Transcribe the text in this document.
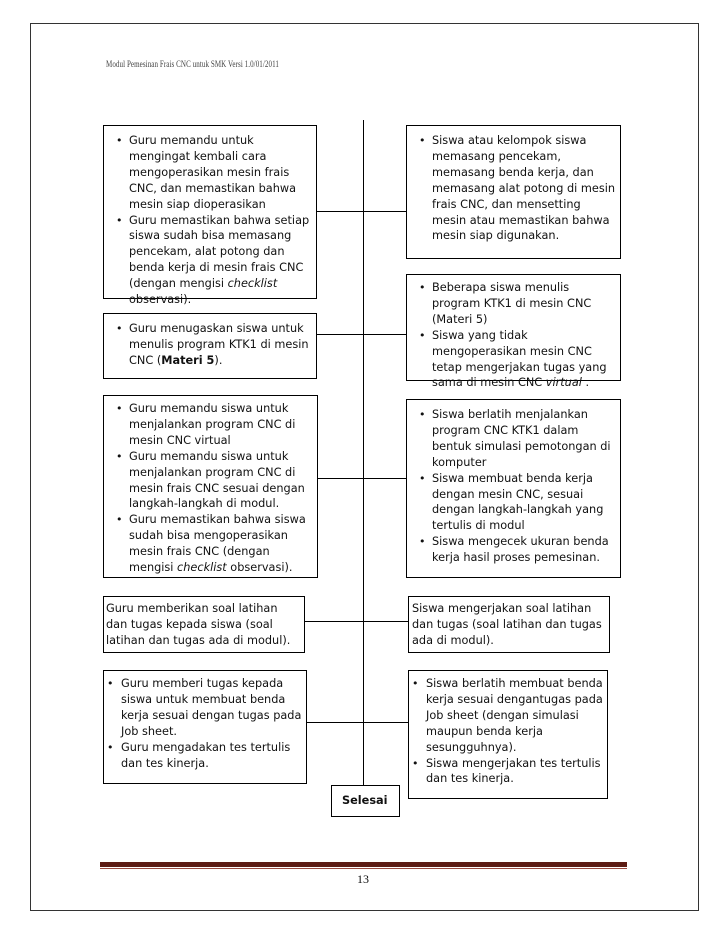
Modul Pemesinan Frais CNC untuk SMK Versi 1.0/01/2011
• Guru memandu untuk mengingat kembali cara mengoperasikan mesin frais CNC, dan memastikan bahwa mesin siap dioperasikan
• Guru memastikan bahwa setiap siswa sudah bisa memasang pencekam, alat potong dan benda kerja di mesin frais CNC (dengan mengisi checklist observasi).
• Siswa atau kelompok siswa memasang pencekam, memasang benda kerja, dan memasang alat potong di mesin frais CNC, dan mensetting mesin atau memastikan bahwa mesin siap digunakan.
• Guru menugaskan siswa untuk menulis program KTK1 di mesin CNC (Materi 5).
• Beberapa siswa menulis program KTK1 di mesin CNC (Materi 5)
• Siswa yang tidak mengoperasikan mesin CNC tetap mengerjakan tugas yang sama di mesin CNC virtual .
• Guru memandu siswa untuk menjalankan program CNC di mesin CNC virtual
• Guru memandu siswa untuk menjalankan program CNC di mesin frais CNC sesuai dengan langkah-langkah di modul.
• Guru memastikan bahwa siswa sudah bisa mengoperasikan mesin frais CNC (dengan mengisi checklist observasi).
• Siswa berlatih menjalankan program CNC KTK1 dalam bentuk simulasi pemotongan di komputer
• Siswa membuat benda kerja dengan mesin CNC, sesuai dengan langkah-langkah yang tertulis di modul
• Siswa mengecek ukuran benda kerja hasil proses pemesinan.
Guru memberikan soal latihan dan tugas kepada siswa (soal latihan dan tugas ada di modul).
Siswa mengerjakan soal latihan dan tugas (soal latihan dan tugas ada di modul).
• Guru memberi tugas kepada siswa untuk membuat benda kerja sesuai dengan tugas pada Job sheet.
• Guru mengadakan tes tertulis dan tes kinerja.
• Siswa berlatih membuat benda kerja sesuai dengantugas pada Job sheet (dengan simulasi maupun benda kerja sesungguhnya).
• Siswa mengerjakan tes tertulis dan tes kinerja.
Selesai
13
